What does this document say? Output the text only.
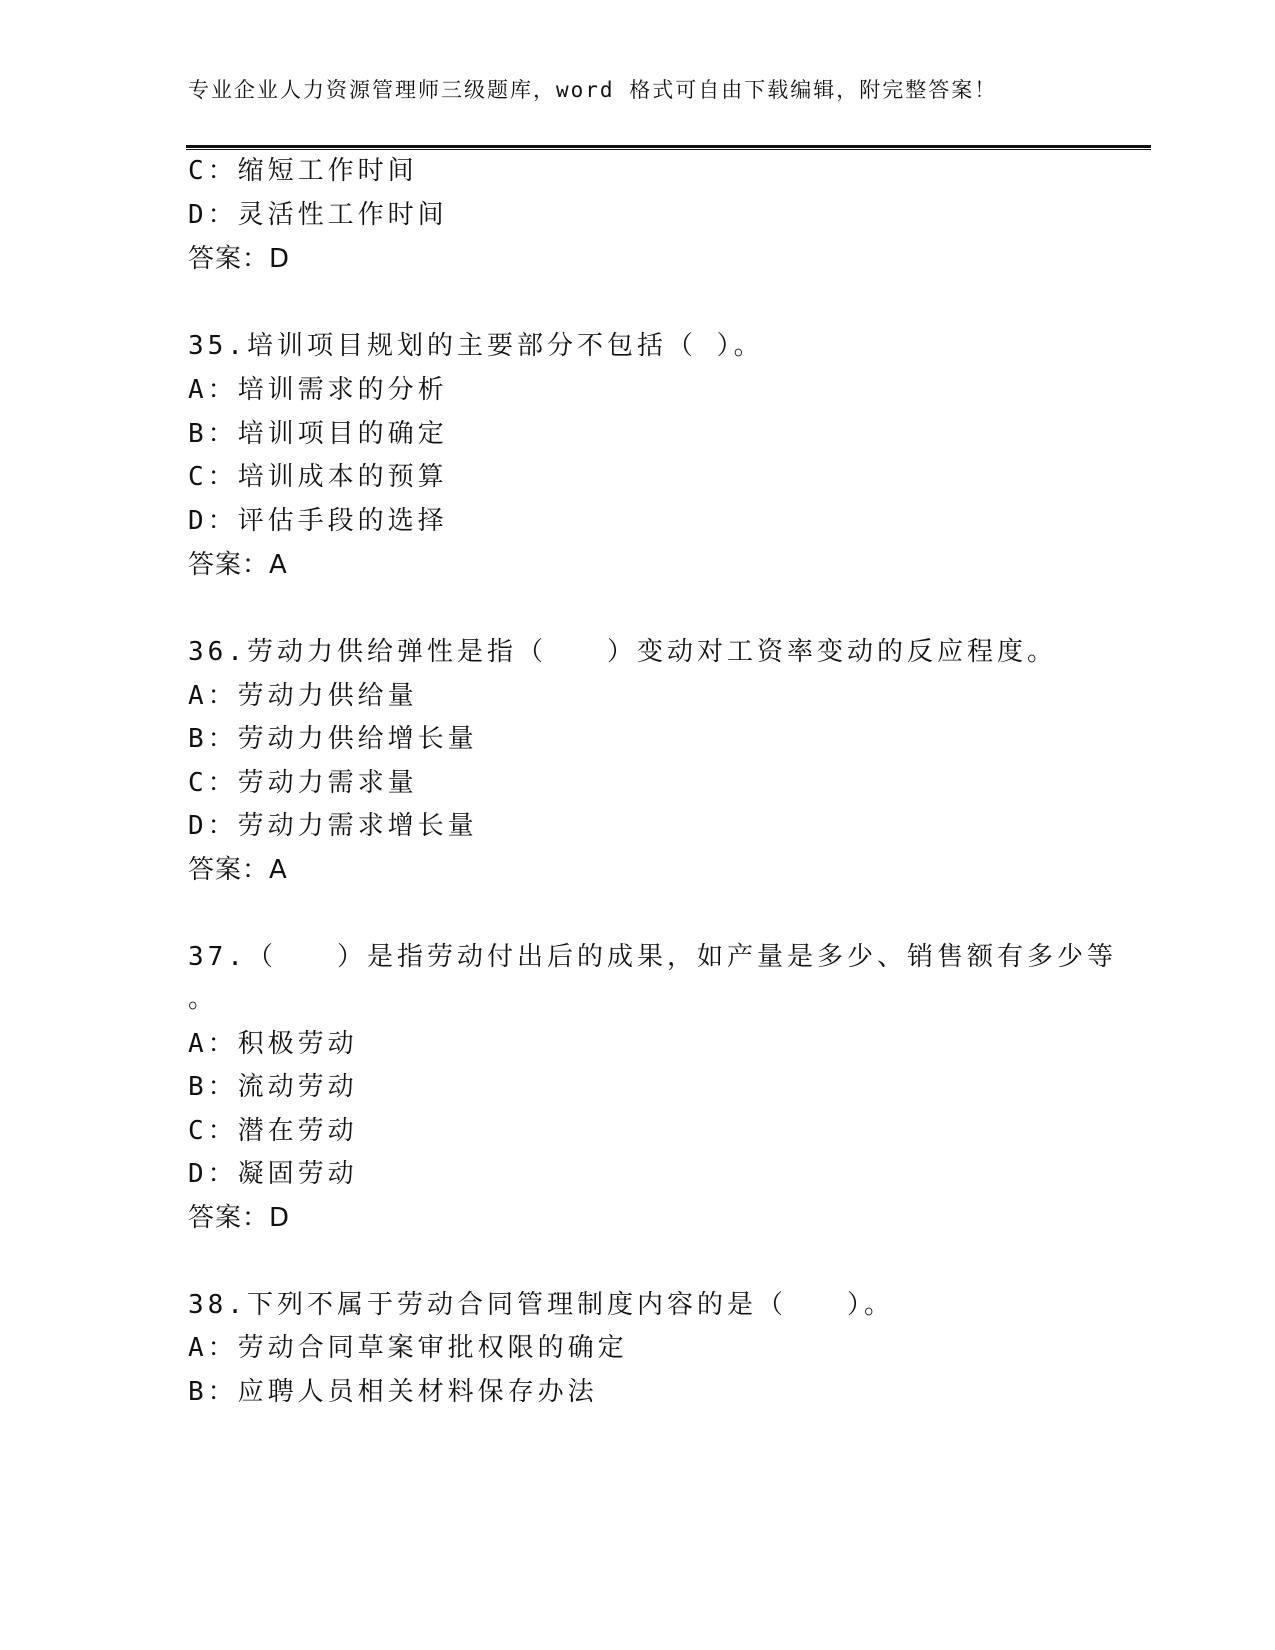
专业企业人力资源管理师三级题库，word 格式可自由下载编辑，附完整答案！
C：缩短工作时间
D：灵活性工作时间
答案：D
35.培训项目规划的主要部分不包括（ ）。
A：培训需求的分析
B：培训项目的确定
C：培训成本的预算
D：评估手段的选择
答案：A
36.劳动力供给弹性是指（　　）变动对工资率变动的反应程度。
A：劳动力供给量
B：劳动力供给增长量
C：劳动力需求量
D：劳动力需求增长量
答案：A
37.（　　）是指劳动付出后的成果，如产量是多少、销售额有多少等
。
A：积极劳动
B：流动劳动
C：潜在劳动
D：凝固劳动
答案：D
38.下列不属于劳动合同管理制度内容的是（　　）。
A：劳动合同草案审批权限的确定
B：应聘人员相关材料保存办法
